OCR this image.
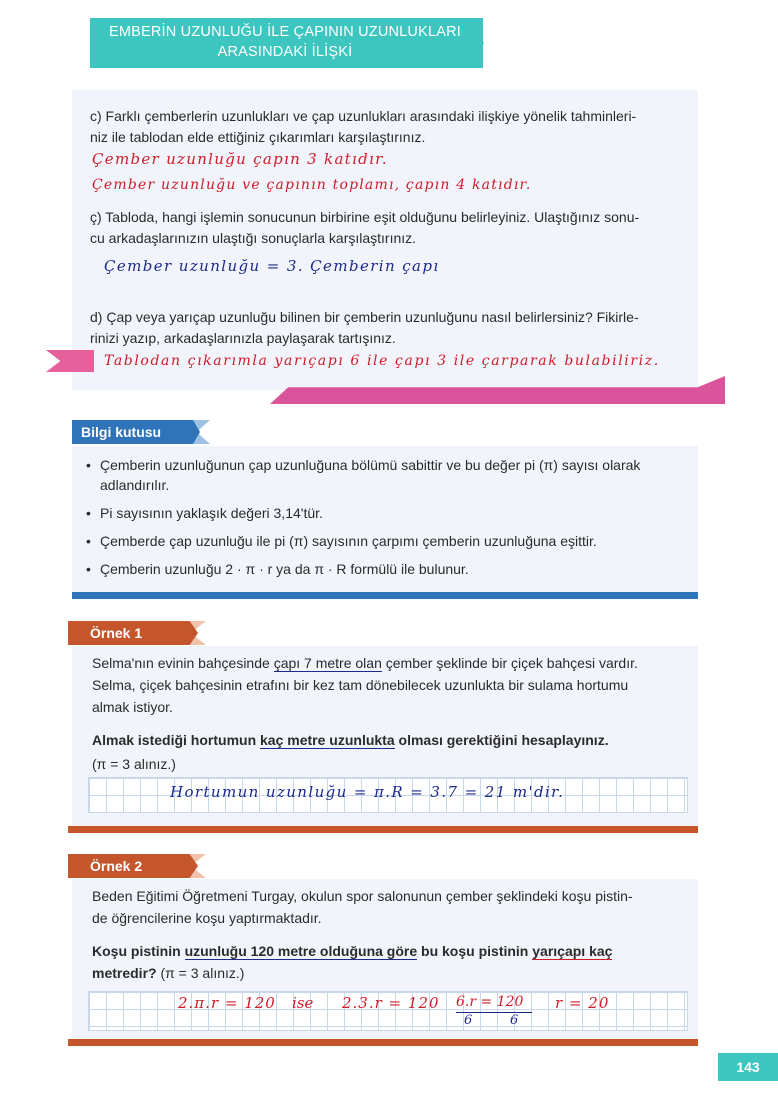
EMBERİN UZUNLUĞU İLE ÇAPININ UZUNLUKLARI
ARASINDAKİ İLİŞKİ
c) Farklı çemberlerin uzunlukları ve çap uzunlukları arasındaki ilişkiye yönelik tahminleri-
niz ile tablodan elde ettiğiniz çıkarımları karşılaştırınız.
Çember uzunluğu çapın 3 katıdır.
Çember uzunluğu ve çapının toplamı, çapın 4 katıdır.
ç) Tabloda, hangi işlemin sonucunun birbirine eşit olduğunu belirleyiniz. Ulaştığınız sonu-
cu arkadaşlarınızın ulaştığı sonuçlarla karşılaştırınız.
Çember uzunluğu = 3. Çemberin çapı
d) Çap veya yarıçap uzunluğu bilinen bir çemberin uzunluğunu nasıl belirlersiniz? Fikirle-
rinizi yazıp, arkadaşlarınızla paylaşarak tartışınız.
Tablodan çıkarımla yarıçapı 6 ile çapı 3 ile çarparak bulabiliriz.
Bilgi kutusu
• Çemberin uzunluğunun çap uzunluğuna bölümü sabittir ve bu değer pi (π) sayısı olarak adlandırılır.
• Pi sayısının yaklaşık değeri 3,14'tür.
• Çemberde çap uzunluğu ile pi (π) sayısının çarpımı çemberin uzunluğuna eşittir.
• Çemberin uzunluğu 2 · π · r ya da π · R formülü ile bulunur.
Örnek 1
Selma'nın evinin bahçesinde çapı 7 metre olan çember şeklinde bir çiçek bahçesi vardır.
Selma, çiçek bahçesinin etrafını bir kez tam dönebilecek uzunlukta bir sulama hortumu
almak istiyor.
Almak istediği hortumun kaç metre uzunlukta olması gerektiğini hesaplayınız.
(π = 3 alınız.)
Hortumun uzunluğu = π.R = 3.7 = 21 m'dir.
Örnek 2
Beden Eğitimi Öğretmeni Turgay, okulun spor salonunun çember şeklindeki koşu pistin-
de öğrencilerine koşu yaptırmaktadır.
Koşu pistinin uzunluğu 120 metre olduğuna göre bu koşu pistinin yarıçapı kaç
metredir? (π = 3 alınız.)
2.π.r = 120 ise 2.3.r = 120 6.r = 120
6	6
r = 20
143
